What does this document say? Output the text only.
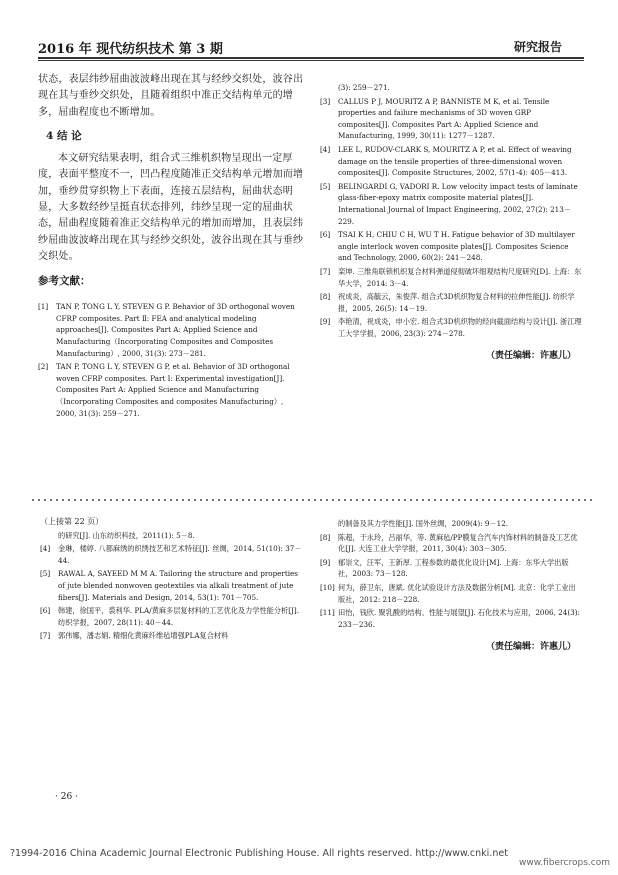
2016 年 现代纺织技术 第 3 期	研究报告
状态，表层纬纱屈曲波波峰出现在其与经纱交织处，波谷出现在其与垂纱交织处，且随着组织中准正交结构单元的增多，屈曲程度也不断增加。
4 结 论
本文研究结果表明，组合式三维机织物呈现出一定厚度，表面平整度不一，凹凸程度随准正交结构单元增加而增加，垂纱贯穿织物上下表面，连接五层结构，屈曲状态明显，大多数经纱呈挺直状态排列，纬纱呈现一定的屈曲状态，屈曲程度随着准正交结构单元的增加而增加，且表层纬纱屈曲波波峰出现在其与经纱交织处，波谷出现在其与垂纱交织处。
参考文献：
[1]	TAN P, TONG L Y, STEVEN G P. Behavior of 3D orthogonal woven CFRP composites. Part Ⅱ: FEA and analytical modeling approaches[J]. Composites Part A: Applied Science and Manufacturing（Incorporating Composites and Composites Manufacturing）, 2000, 31(3): 273－281.
[2]	TAN P, TONG L Y, STEVEN G P, et al. Behavior of 3D orthogonal woven CFRP composites. Part Ⅰ: Experimental investigation[J]. Composites Part A: Applied Science and Manufacturing（Incorporating Composites and composites Manufacturing）, 2000, 31(3): 259－271.
(3): 259－271.
[3]	CALLUS P J, MOURITZ A P, BANNISTE M K, et al. Tensile properties and failure mechanisms of 3D woven GRP composites[J]. Composites Part A: Applied Science and Manufacturing, 1999, 30(11): 1277－1287.
[4]	LEE L, RUDOV-CLARK S, MOURITZ A P, et al. Effect of weaving damage on the tensile properties of three-dimensional woven composites[J]. Composite Structures, 2002, 57(1-4): 405－413.
[5]	BELINGARDI G, VADORI R. Low velocity impact tests of laminate glass-fiber-epoxy matrix composite material plates[J]. International Journal of Impact Engineering, 2002, 27(2): 213－229.
[6]	TSAI K H, CHIU C H, WU T H. Fatigue behavior of 3D multilayer angle interlock woven composite plates[J]. Composites Science and Technology, 2000, 60(2): 241－248.
[7]	栾坤. 三维角联锁机织复合材料弹道侵彻破坏细观结构尺度研究[D]. 上海：东华大学，2014: 3－4.
[8]	祝成炎，高毓云，朱俊萍. 组合式3D机织物复合材料的拉伸性能[J]. 纺织学报，2005, 26(5): 14－19.
[9]	李艳清，祝成炎，申小宏. 组合式3D机织物的经向截面结构与设计[J]. 浙江理工大学学报，2006, 23(3): 274－278.
（责任编辑：许惠儿）
（上接第 22 页）
的研究[J]. 山东纺织科技，2011(1): 5－8.
[4]	金琳，楼婷. 八都麻绣的织绣技艺和艺术特征[J]. 丝绸，2014, 51(10): 37－44.
[5]	RAWAL A, SAYEED M M A. Tailoring the structure and properties of jute blended nonwoven geotextiles via alkali treatment of jute fibers[J]. Materials and Design, 2014, 53(1): 701－705.
[6]	韩建，徐国平，裘利华. PLA/黄麻多层复材料的工艺优化及力学性能分析[J]. 纺织学报，2007, 28(11): 40－44.
[7]	郭伟娜，潘志娟. 精细化黄麻纤维毡增强PLA复合材料
的制备及其力学性能[J]. 国外丝绸，2009(4): 9－12.
[8]	陈超，于永玲，吕丽华，等. 黄麻毡/PP膜复合汽车内饰材料的制备及工艺优化[J]. 大连工业大学学报，2011, 30(4): 303－305.
[9]	郁崇文，汪军，王新厚. 工程参数的最优化设计[M]. 上海：东华大学出版社，2003: 73－128.
[10] 何为，薛卫东，唐斌. 优化试验设计方法及数据分析[M]. 北京：化学工业出版社，2012: 218－228.
[11] 田怡，钱欣. 聚乳酸的结构、性能与展望[J]. 石化技术与应用，2006, 24(3): 233－236.
（责任编辑：许惠儿）
· 26 ·
?1994-2016 China Academic Journal Electronic Publishing House. All rights reserved. http://www.cnki.net
www.fibercrops.com
